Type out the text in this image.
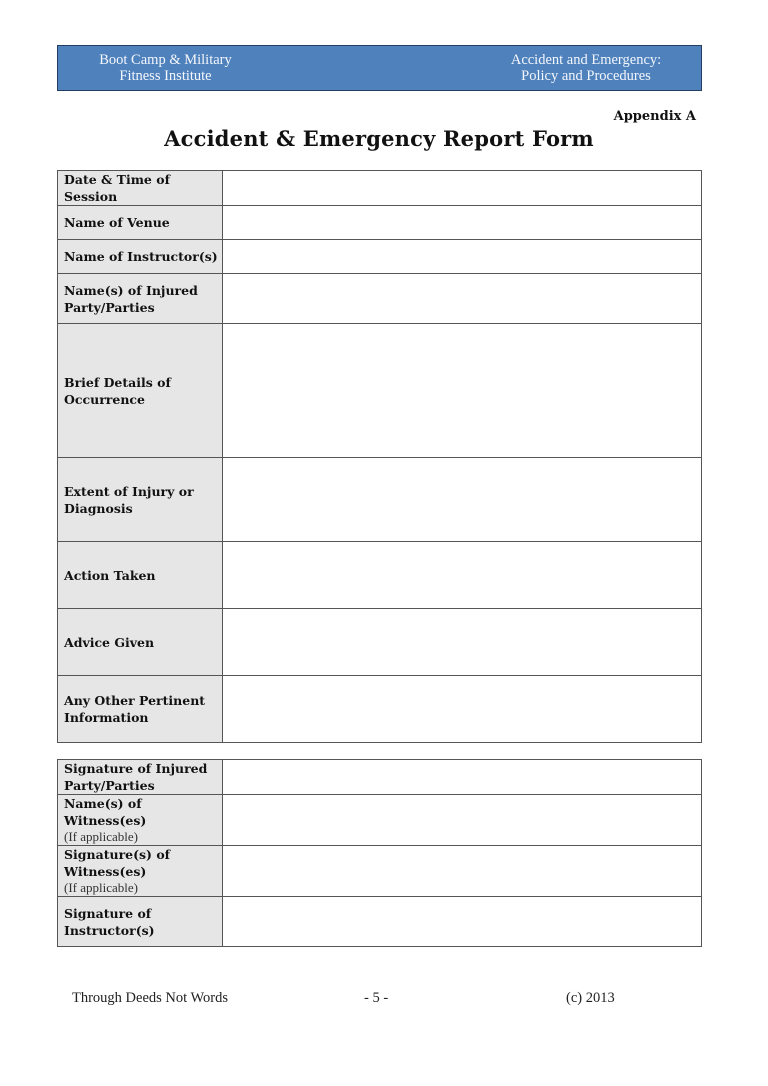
Boot Camp & Military
Fitness Institute
Accident and Emergency:
Policy and Procedures
Appendix A
Accident & Emergency Report Form
Date & Time of Session	
Name of Venue	
Name of Instructor(s)	
Name(s) of Injured Party/Parties	
Brief Details of Occurrence	
Extent of Injury or Diagnosis	
Action Taken	
Advice Given	
Any Other Pertinent Information	
Signature of Injured Party/Parties	
Name(s) of Witness(es)
(If applicable)	

Signature(s) of Witness(es)
(If applicable)	

Signature of Instructor(s)	
Through Deeds Not Words	- 5 -	(c) 2013
